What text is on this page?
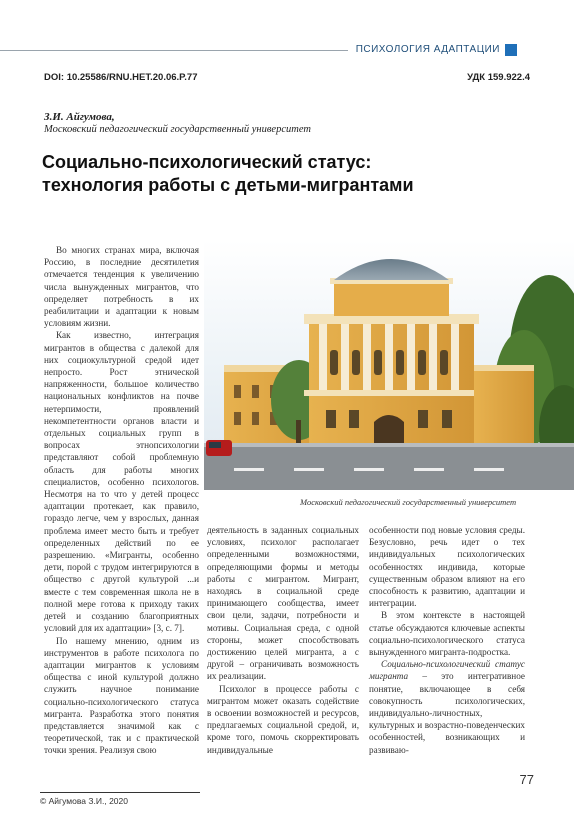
ПСИХОЛОГИЯ АДАПТАЦИИ
DOI: 10.25586/RNU.HET.20.06.P.77	УДК 159.922.4
З.И. Айгумова,
Московский педагогический государственный университет
Социально-психологический статус:
технология работы с детьми-мигрантами
Московский педагогический государственный университет

Во многих странах мира, включая Россию, в последние десятилетия отмечается тенденция к увеличению числа вынужденных мигрантов, что определяет потребность в их реабилитации и адаптации к новым условиям жизни.

Как известно, интеграция мигрантов в общества с далекой для них социокультурной средой идет непросто. Рост этнической напряженности, большое количество национальных конфликтов на почве нетерпимости, проявлений некомпетентности органов власти и отдельных социальных групп в вопросах этнопсихологии представляют собой проблемную область для работы многих специалистов, особенно психологов. Несмотря на то что у детей процесс адаптации протекает, как правило, гораздо легче, чем у взрослых, данная проблема имеет место быть и требует определенных действий по ее разрешению. «Мигранты, особенно дети, порой с трудом интегрируются в общество с другой культурой ...и вместе с тем современная школа не в полной мере готова к приходу таких детей и созданию благоприятных условий для их адаптации» [3, с. 7].

По нашему мнению, одним из инструментов в работе психолога по адаптации мигрантов к условиям общества с иной культурой должно служить научное понимание социально-психологического статуса мигранта. Разработка этого понятия представляется значимой как с теоретической, так и с практической точки зрения. Реализуя свою

деятельность в заданных социальных условиях, психолог располагает определенными возможностями, определяющими формы и методы работы с мигрантом. Мигрант, находясь в социальной среде принимающего сообщества, имеет свои цели, задачи, потребности и мотивы. Социальная среда, с одной стороны, может способствовать достижению целей мигранта, а с другой – ограничивать возможность их реализации.

Психолог в процессе работы с мигрантом может оказать содействие в освоении возможностей и ресурсов, предлагаемых социальной средой, и, кроме того, помочь скорректировать индивидуальные

особенности под новые условия среды. Безусловно, речь идет о тех индивидуальных психологических особенностях индивида, которые существенным образом влияют на его способность к развитию, адаптации и интеграции.

В этом контексте в настоящей статье обсуждаются ключевые аспекты социально-психологического статуса вынужденного мигранта-подростка.

Социально-психологический статус мигранта – это интегративное понятие, включающее в себя совокупность психологических, индивидуально-личностных, культурных и возрастно-поведенческих особенностей, возникающих и развиваю-

© Айгумова З.И., 2020
77
